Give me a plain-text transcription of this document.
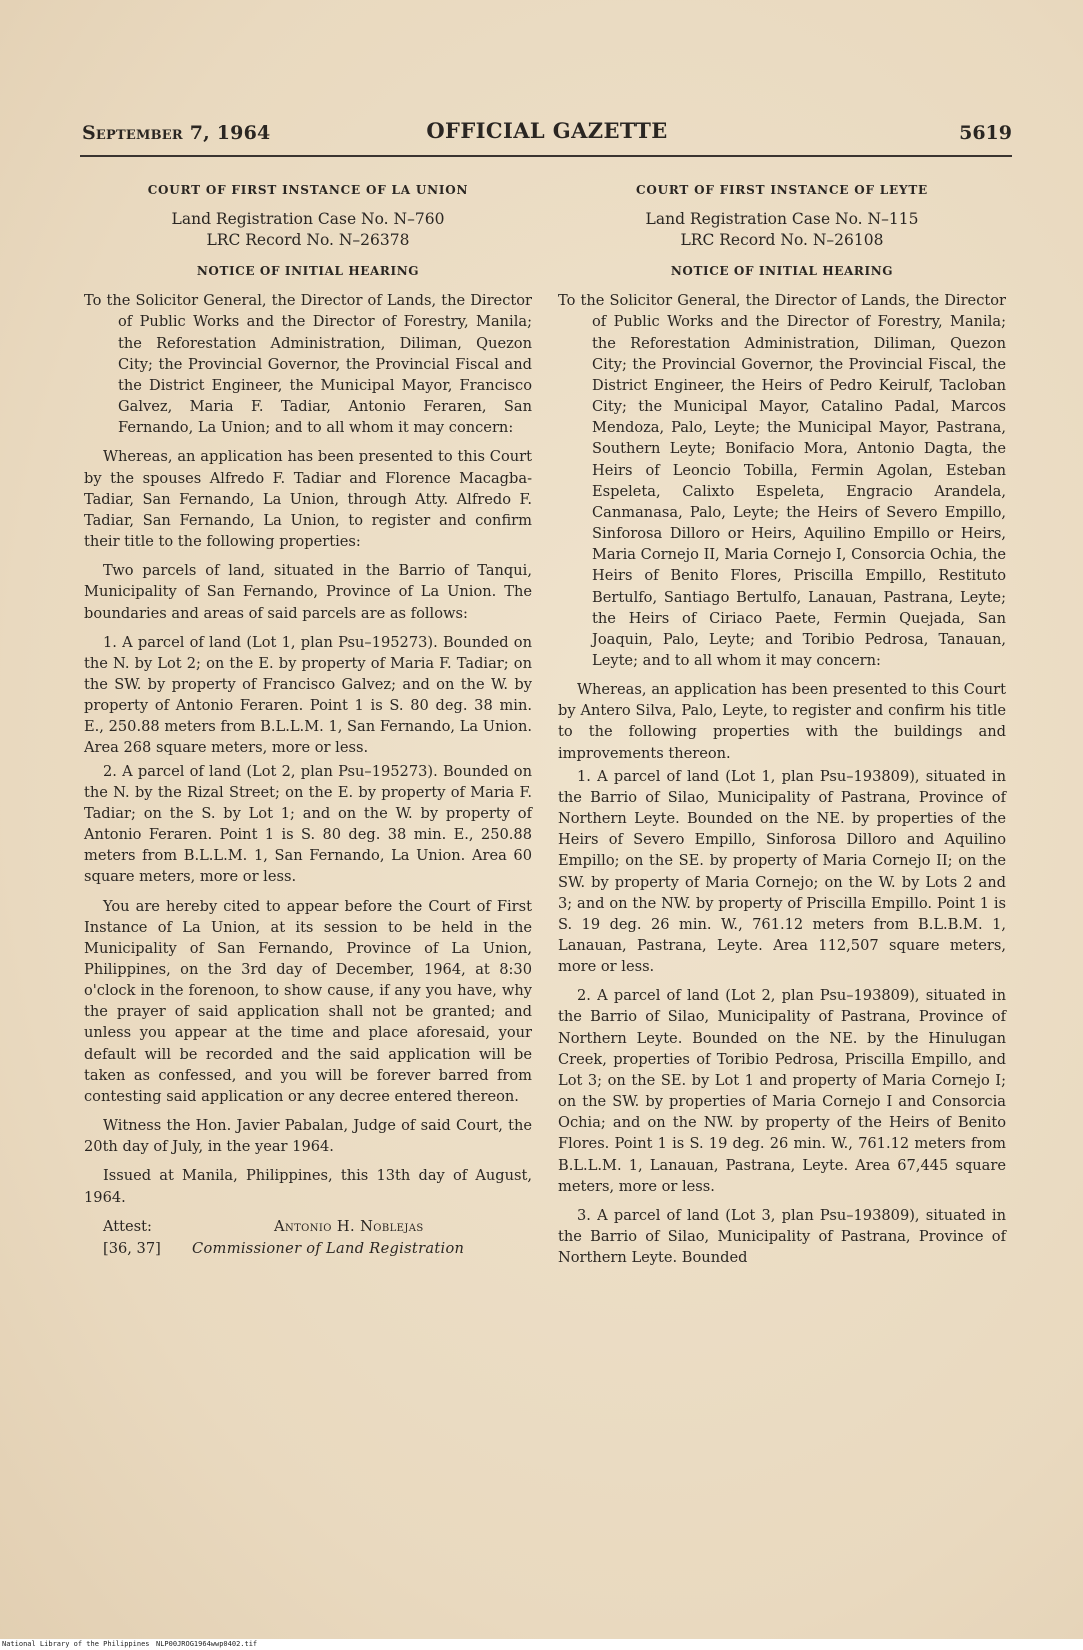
OFFICIAL GAZETTE
September 7, 1964	5619
COURT OF FIRST INSTANCE OF LA UNION
Land Registration Case No. N–760
LRC Record No. N–26378
NOTICE OF INITIAL HEARING

To the Solicitor General, the Director of Lands, the Director of Public Works and the Director of Forestry, Manila; the Reforestation Administration, Diliman, Quezon City; the Provincial Governor, the Provincial Fiscal and the District Engineer, the Municipal Mayor, Francisco Galvez, Maria F. Tadiar, Antonio Feraren, San Fernando, La Union; and to all whom it may concern:

Whereas, an application has been presented to this Court by the spouses Alfredo F. Tadiar and Florence Macagba-Tadiar, San Fernando, La Union, through Atty. Alfredo F. Tadiar, San Fernando, La Union, to register and confirm their title to the following properties:

Two parcels of land, situated in the Barrio of Tanqui, Municipality of San Fernando, Province of La Union. The boundaries and areas of said parcels are as follows:

1. A parcel of land (Lot 1, plan Psu–195273). Bounded on the N. by Lot 2; on the E. by property of Maria F. Tadiar; on the SW. by property of Francisco Galvez; and on the W. by property of Antonio Feraren. Point 1 is S. 80 deg. 38 min. E., 250.88 meters from B.L.L.M. 1, San Fernando, La Union. Area 268 square meters, more or less.

2. A parcel of land (Lot 2, plan Psu–195273). Bounded on the N. by the Rizal Street; on the E. by property of Maria F. Tadiar; on the S. by Lot 1; and on the W. by property of Antonio Feraren. Point 1 is S. 80 deg. 38 min. E., 250.88 meters from B.L.L.M. 1, San Fernando, La Union. Area 60 square meters, more or less.

You are hereby cited to appear before the Court of First Instance of La Union, at its session to be held in the Municipality of San Fernando, Province of La Union, Philippines, on the 3rd day of December, 1964, at 8:30 o'clock in the forenoon, to show cause, if any you have, why the prayer of said application shall not be granted; and unless you appear at the time and place aforesaid, your default will be recorded and the said application will be taken as confessed, and you will be forever barred from contesting said application or any decree entered thereon.

Witness the Hon. Javier Pabalan, Judge of said Court, the 20th day of July, in the year 1964.

Issued at Manila, Philippines, this 13th day of August, 1964.

Attest:
[36, 37]
Antonio H. Noblejas
Commissioner of Land Registration
COURT OF FIRST INSTANCE OF LEYTE
Land Registration Case No. N–115
LRC Record No. N–26108
NOTICE OF INITIAL HEARING

To the Solicitor General, the Director of Lands, the Director of Public Works and the Director of Forestry, Manila; the Reforestation Administration, Diliman, Quezon City; the Provincial Governor, the Provincial Fiscal, the District Engineer, the Heirs of Pedro Keirulf, Tacloban City; the Municipal Mayor, Catalino Padal, Marcos Mendoza, Palo, Leyte; the Municipal Mayor, Pastrana, Southern Leyte; Bonifacio Mora, Antonio Dagta, the Heirs of Leoncio Tobilla, Fermin Agolan, Esteban Espeleta, Calixto Espeleta, Engracio Arandela, Canmanasa, Palo, Leyte; the Heirs of Severo Empillo, Sinforosa Dilloro or Heirs, Aquilino Empillo or Heirs, Maria Cornejo II, Maria Cornejo I, Consorcia Ochia, the Heirs of Benito Flores, Priscilla Empillo, Restituto Bertulfo, Santiago Bertulfo, Lanauan, Pastrana, Leyte; the Heirs of Ciriaco Paete, Fermin Quejada, San Joaquin, Palo, Leyte; and Toribio Pedrosa, Tanauan, Leyte; and to all whom it may concern:

Whereas, an application has been presented to this Court by Antero Silva, Palo, Leyte, to register and confirm his title to the following properties with the buildings and improvements thereon.

1. A parcel of land (Lot 1, plan Psu–193809), situated in the Barrio of Silao, Municipality of Pastrana, Province of Northern Leyte. Bounded on the NE. by properties of the Heirs of Severo Empillo, Sinforosa Dilloro and Aquilino Empillo; on the SE. by property of Maria Cornejo II; on the SW. by property of Maria Cornejo; on the W. by Lots 2 and 3; and on the NW. by property of Priscilla Empillo. Point 1 is S. 19 deg. 26 min. W., 761.12 meters from B.L.B.M. 1, Lanauan, Pastrana, Leyte. Area 112,507 square meters, more or less.

2. A parcel of land (Lot 2, plan Psu–193809), situated in the Barrio of Silao, Municipality of Pastrana, Province of Northern Leyte. Bounded on the NE. by the Hinulugan Creek, properties of Toribio Pedrosa, Priscilla Empillo, and Lot 3; on the SE. by Lot 1 and property of Maria Cornejo I; on the SW. by properties of Maria Cornejo I and Consorcia Ochia; and on the NW. by property of the Heirs of Benito Flores. Point 1 is S. 19 deg. 26 min. W., 761.12 meters from B.L.L.M. 1, Lanauan, Pastrana, Leyte. Area 67,445 square meters, more or less.

3. A parcel of land (Lot 3, plan Psu–193809), situated in the Barrio of Silao, Municipality of Pastrana, Province of Northern Leyte. Bounded

National Library of the Philippines NLP00JROG1964wwp0402.tif
